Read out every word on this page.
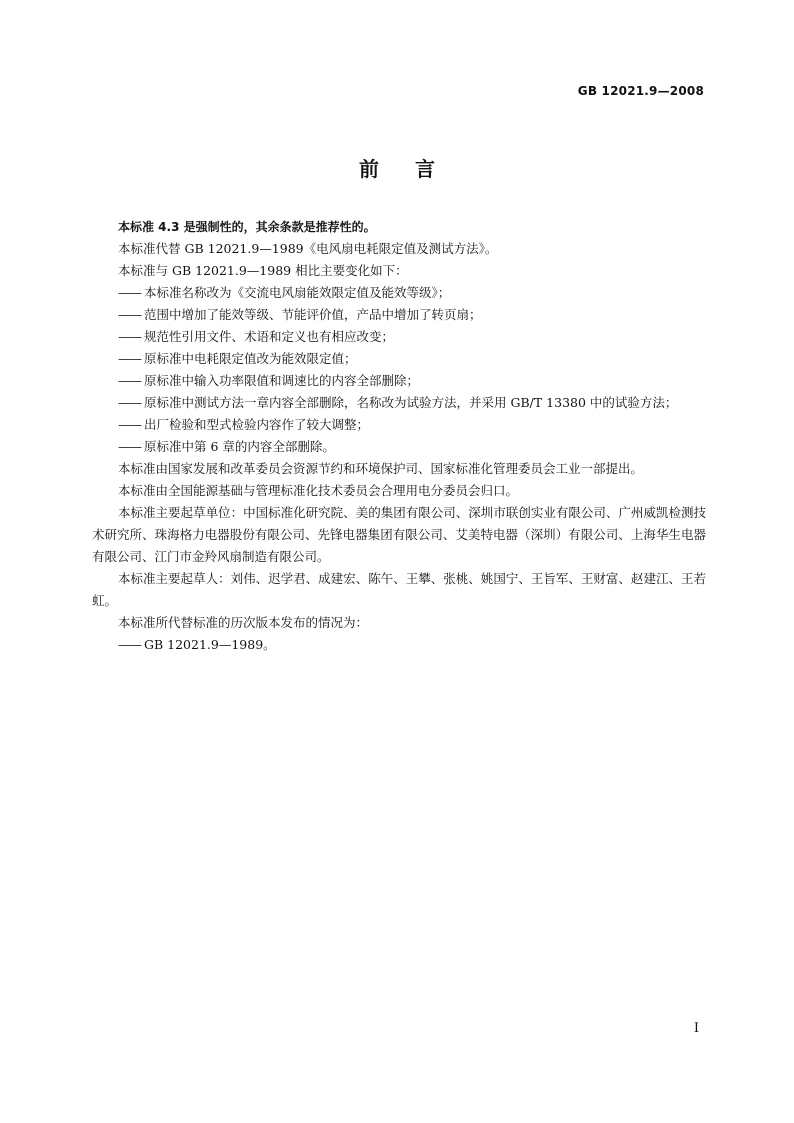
GB 12021.9—2008
前言

本标准 4.3 是强制性的，其余条款是推荐性的。

本标准代替 GB 12021.9—1989《电风扇电耗限定值及测试方法》。

本标准与 GB 12021.9—1989 相比主要变化如下：

—— 本标准名称改为《交流电风扇能效限定值及能效等级》；

—— 范围中增加了能效等级、节能评价值，产品中增加了转页扇；

—— 规范性引用文件、术语和定义也有相应改变；

—— 原标准中电耗限定值改为能效限定值；

—— 原标准中输入功率限值和调速比的内容全部删除；

—— 原标准中测试方法一章内容全部删除，名称改为试验方法，并采用 GB/T 13380 中的试验方法；

—— 出厂检验和型式检验内容作了较大调整；

—— 原标准中第 6 章的内容全部删除。

本标准由国家发展和改革委员会资源节约和环境保护司、国家标准化管理委员会工业一部提出。

本标准由全国能源基础与管理标准化技术委员会合理用电分委员会归口。

本标准主要起草单位：中国标准化研究院、美的集团有限公司、深圳市联创实业有限公司、广州威凯检测技术研究所、珠海格力电器股份有限公司、先锋电器集团有限公司、艾美特电器（深圳）有限公司、上海华生电器有限公司、江门市金羚风扇制造有限公司。

本标准主要起草人：刘伟、迟学君、成建宏、陈午、王攀、张桃、姚国宁、王旨军、王财富、赵建江、王若虹。

本标准所代替标准的历次版本发布的情况为：

—— GB 12021.9—1989。

I
